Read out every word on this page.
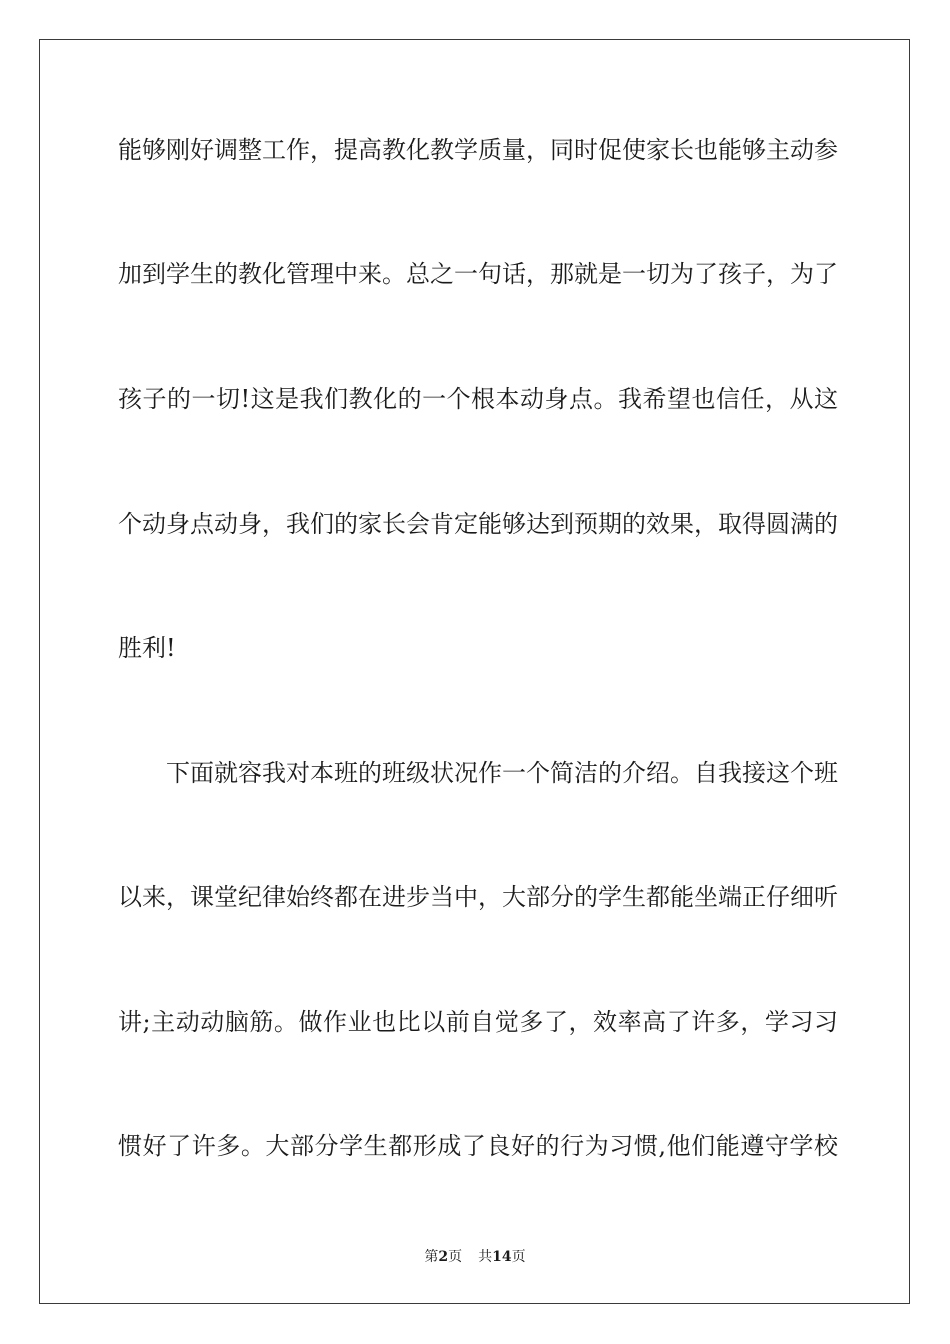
能够刚好调整工作，提高教化教学质量，同时促使家长也能够主动参
加到学生的教化管理中来。总之一句话，那就是一切为了孩子，为了
孩子的一切!这是我们教化的一个根本动身点。我希望也信任，从这
个动身点动身，我们的家长会肯定能够达到预期的效果，取得圆满的
胜利!
下面就容我对本班的班级状况作一个简洁的介绍。自我接这个班
以来，课堂纪律始终都在进步当中，大部分的学生都能坐端正仔细听
讲;主动动脑筋。做作业也比以前自觉多了，效率高了许多，学习习
惯好了许多。大部分学生都形成了良好的行为习惯,他们能遵守学校
第2页 共14页
